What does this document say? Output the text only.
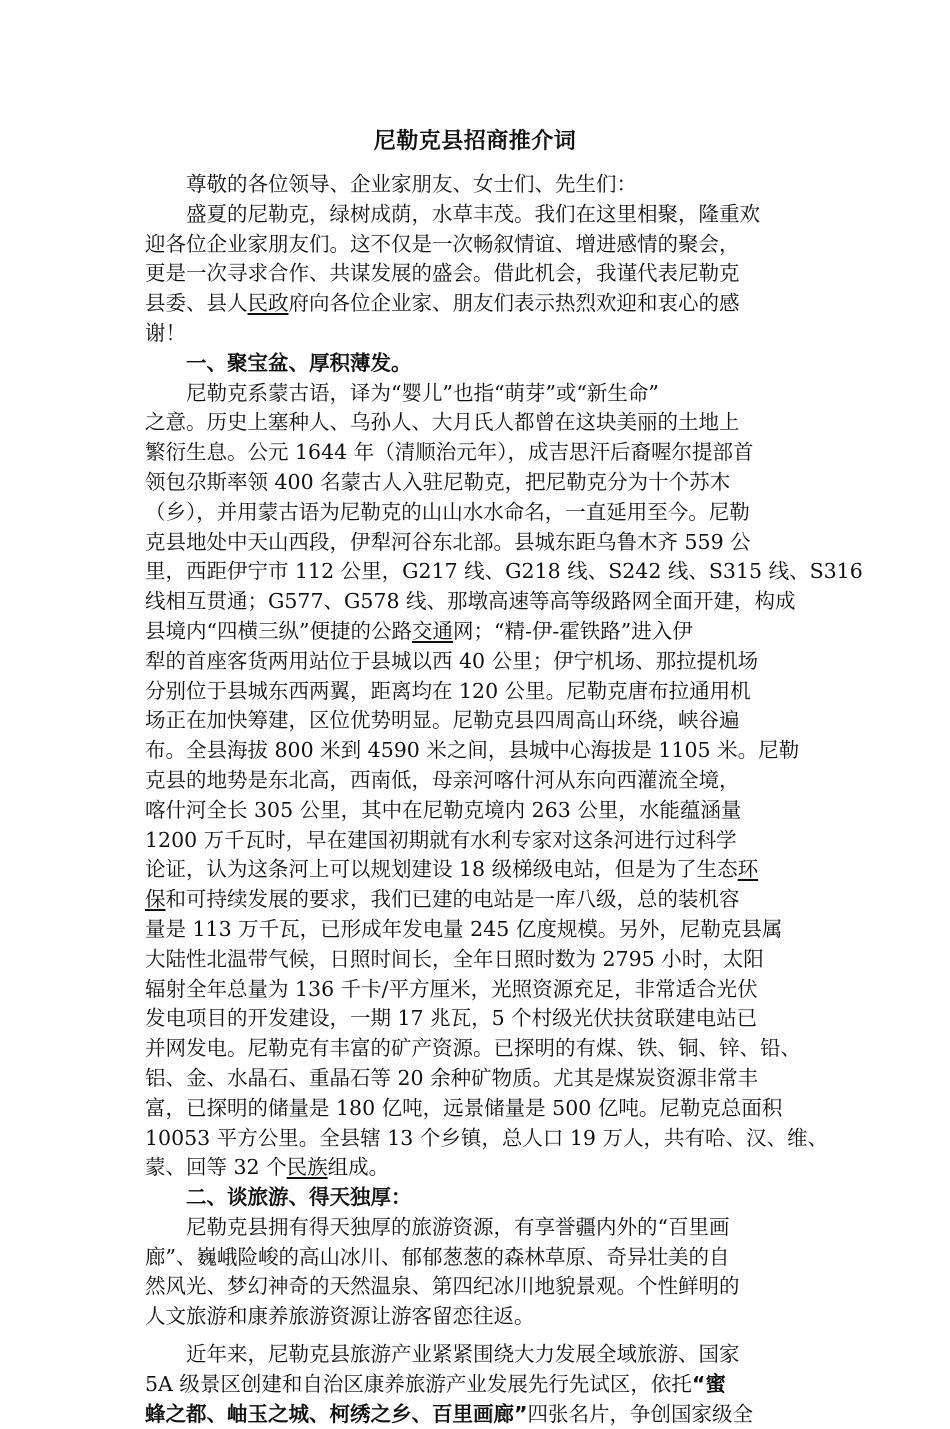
尼勒克县招商推介词
尊敬的各位领导、企业家朋友、女士们、先生们：
盛夏的尼勒克，绿树成荫，水草丰茂。我们在这里相聚，隆重欢
迎各位企业家朋友们。这不仅是一次畅叙情谊、增进感情的聚会，
更是一次寻求合作、共谋发展的盛会。借此机会，我谨代表尼勒克
县委、县人民政府向各位企业家、朋友们表示热烈欢迎和衷心的感
谢！
一、聚宝盆、厚积薄发。
尼勒克系蒙古语，译为“婴儿”也指“萌芽”或“新生命”
之意。历史上塞种人、乌孙人、大月氏人都曾在这块美丽的土地上
繁衍生息。公元 1644 年（清顺治元年），成吉思汗后裔喔尔提部首
领包尕斯率领 400 名蒙古人入驻尼勒克，把尼勒克分为十个苏木
（乡），并用蒙古语为尼勒克的山山水水命名，一直延用至今。尼勒
克县地处中天山西段，伊犁河谷东北部。县城东距乌鲁木齐 559 公
里，西距伊宁市 112 公里，G217 线、G218 线、S242 线、S315 线、S316
线相互贯通；G577、G578 线、那墩高速等高等级路网全面开建，构成
县境内“四横三纵”便捷的公路交通网；“精-伊-霍铁路”进入伊
犁的首座客货两用站位于县城以西 40 公里；伊宁机场、那拉提机场
分别位于县城东西两翼，距离均在 120 公里。尼勒克唐布拉通用机
场正在加快筹建，区位优势明显。尼勒克县四周高山环绕，峡谷遍
布。全县海拔 800 米到 4590 米之间，县城中心海拔是 1105 米。尼勒
克县的地势是东北高，西南低，母亲河喀什河从东向西灌流全境，
喀什河全长 305 公里，其中在尼勒克境内 263 公里，水能蕴涵量
1200 万千瓦时，早在建国初期就有水利专家对这条河进行过科学
论证，认为这条河上可以规划建设 18 级梯级电站，但是为了生态环
保和可持续发展的要求，我们已建的电站是一库八级，总的装机容
量是 113 万千瓦，已形成年发电量 245 亿度规模。另外，尼勒克县属
大陆性北温带气候，日照时间长，全年日照时数为 2795 小时，太阳
辐射全年总量为 136 千卡/平方厘米，光照资源充足，非常适合光伏
发电项目的开发建设，一期 17 兆瓦，5 个村级光伏扶贫联建电站已
并网发电。尼勒克有丰富的矿产资源。已探明的有煤、铁、铜、锌、铅、
铝、金、水晶石、重晶石等 20 余种矿物质。尤其是煤炭资源非常丰
富，已探明的储量是 180 亿吨，远景储量是 500 亿吨。尼勒克总面积
10053 平方公里。全县辖 13 个乡镇，总人口 19 万人，共有哈、汉、维、
蒙、回等 32 个民族组成。
二、谈旅游、得天独厚：
尼勒克县拥有得天独厚的旅游资源，有享誉疆内外的“百里画
廊”、巍峨险峻的高山冰川、郁郁葱葱的森林草原、奇异壮美的自
然风光、梦幻神奇的天然温泉、第四纪冰川地貌景观。个性鲜明的
人文旅游和康养旅游资源让游客留恋往返。
近年来，尼勒克县旅游产业紧紧围绕大力发展全域旅游、国家
5A 级景区创建和自治区康养旅游产业发展先行先试区，依托“蜜
蜂之都、岫玉之城、柯绣之乡、百里画廊”四张名片，争创国家级全
